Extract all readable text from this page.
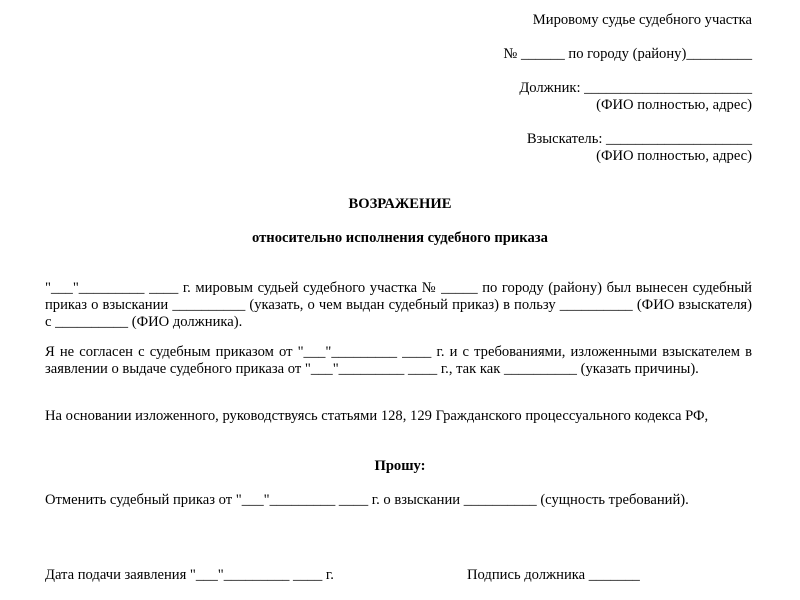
Мировому судье судебного участка
№ ______ по городу (району)_________
Должник: _______________________
(ФИО полностью, адрес)
Взыскатель: ____________________
(ФИО полностью, адрес)
ВОЗРАЖЕНИЕ
относительно исполнения судебного приказа
"___"_________ ____ г. мировым судьей судебного участка № _____ по городу (району) был вынесен судебный приказ о взыскании __________ (указать, о чем выдан судебный приказ) в пользу __________ (ФИО взыскателя) с __________ (ФИО должника).
Я не согласен с судебным приказом от "___"_________ ____ г. и с требованиями, изложенными взыскателем в заявлении о выдаче судебного приказа от "___"_________ ____ г., так как __________ (указать причины).
На основании изложенного, руководствуясь статьями 128, 129 Гражданского процессуального кодекса РФ,
Прошу:
Отменить судебный приказ от "___"_________ ____ г. о взыскании __________ (сущность требований).
Дата подачи заявления "___"_________ ____ г.	Подпись должника _______
